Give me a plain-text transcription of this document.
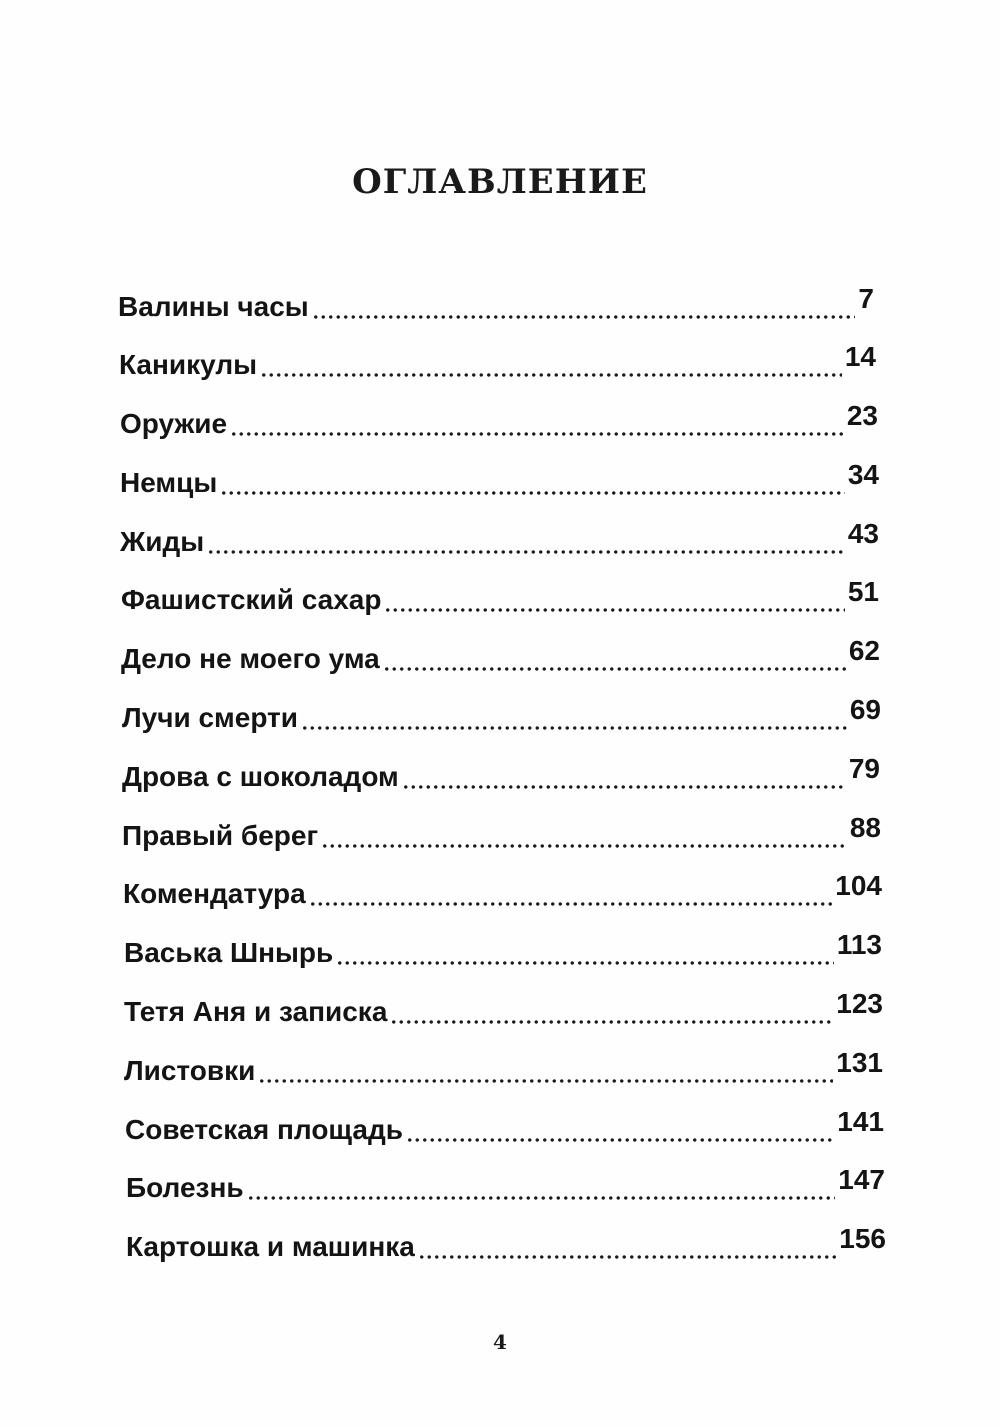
ОГЛАВЛЕНИЕ
Валины часы	7
Каникулы	14
Оружие	23
Немцы	34
Жиды	43
Фашистский сахар	51
Дело не моего ума	62
Лучи смерти	69
Дрова с шоколадом	79
Правый берег	88
Комендатура	104
Васька Шнырь	113
Тетя Аня и записка	123
Листовки	131
Советская площадь	141
Болезнь	147
Картошка и машинка	156
4
